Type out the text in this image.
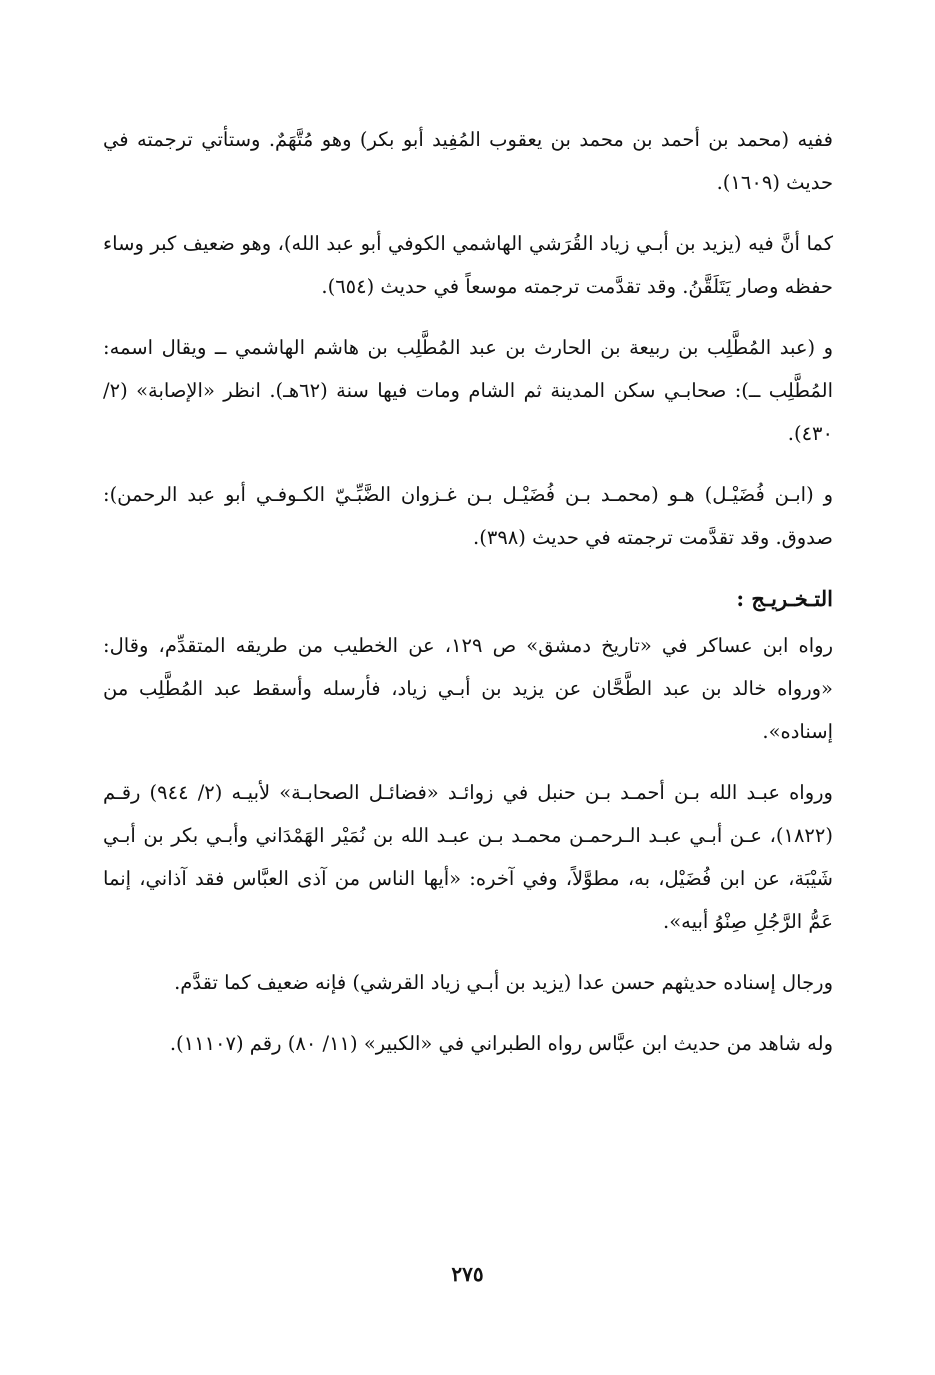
ففيه (محمد بن أحمد بن محمد بن يعقوب المُفِيد أبو بكر) وهو مُتَّهَمٌ. وستأتي ترجمته في حديث (١٦٠٩).

كما أنَّ فيه (يزيد بن أبـي زياد القُرَشي الهاشمي الكوفي أبو عبد الله)، وهو ضعيف كبر وساء حفظه وصار يَتَلَقَّنُ. وقد تقدَّمت ترجمته موسعاً في حديث (٦٥٤).

و (عبد المُطَّلِب بن ربيعة بن الحارث بن عبد المُطَّلِب بن هاشم الهاشمي ــ ويقال اسمه: المُطَّلِب ــ): صحابـي سكن المدينة ثم الشام ومات فيها سنة (٦٢هـ). انظر «الإصابة» (٢/ ٤٣٠).

و (ابـن فُضَيْـل) هـو (محمـد بـن فُضَيْـل بـن غـزوان الضَّبِّـيّ الكـوفـي أبو عبد الرحمن): صدوق. وقد تقدَّمت ترجمته في حديث (٣٩٨).

التـخـريـج :

رواه ابن عساكر في «تاريخ دمشق» ص ١٢٩، عن الخطيب من طريقه المتقدِّم، وقال: «ورواه خالد بن عبد الطَّحَّان عن يزيد بن أبـي زياد، فأرسله وأسقط عبد المُطَّلِب من إسناده».

ورواه عبـد الله بـن أحمـد بـن حنبل في زوائـد «فضائـل الصحابـة» لأبيـه (٢/ ٩٤٤) رقـم (١٨٢٢)، عـن أبـي عبـد الـرحمـن محمـد بـن عبـد الله بن نُمَيْر الهَمْدَاني وأبـي بكر بن أبـي شَيْبَة، عن ابن فُضَيْل، به، مطوَّلاً، وفي آخره: «أيها الناس من آذى العبَّاس فقد آذاني، إنما عَمُّ الرَّجُلِ صِنْوُ أبيه».

ورجال إسناده حديثهم حسن عدا (يزيد بن أبـي زياد القرشي) فإنه ضعيف كما تقدَّم.

وله شاهد من حديث ابن عبَّاس رواه الطبراني في «الكبير» (١١/ ٨٠) رقم (١١١٠٧).

٢٧٥
